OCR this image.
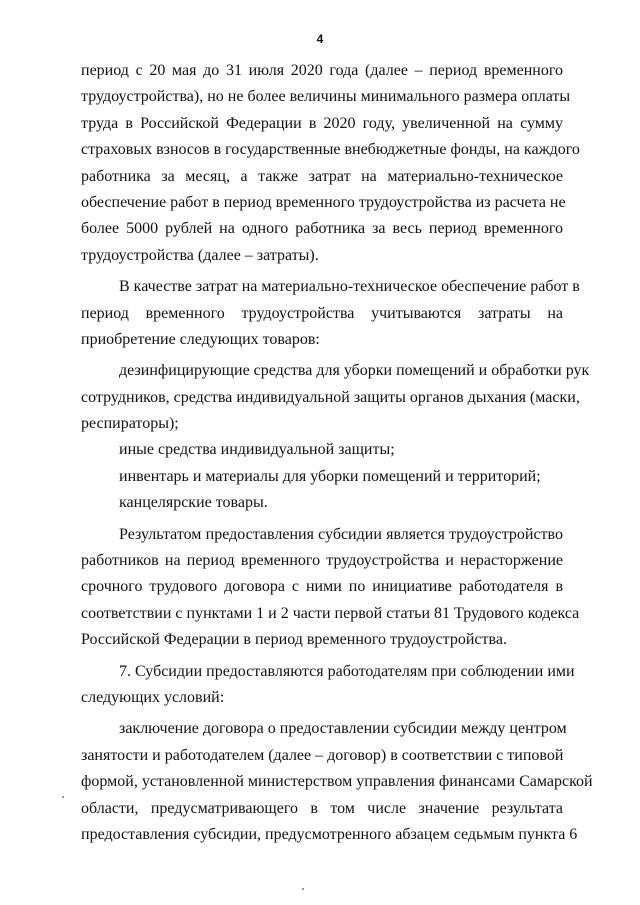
4
период с 20 мая до 31 июля 2020 года (далее – период временного
трудоустройства), но не более величины минимального размера оплаты
труда в Российской Федерации в 2020 году, увеличенной на сумму
страховых взносов в государственные внебюджетные фонды, на каждого
работника за месяц, а также затрат на материально-техническое
обеспечение работ в период временного трудоустройства из расчета не
более 5000 рублей на одного работника за весь период временного
трудоустройства (далее – затраты).
В качестве затрат на материально-техническое обеспечение работ в
период временного трудоустройства учитываются затраты на
приобретение следующих товаров:
дезинфицирующие средства для уборки помещений и обработки рук
сотрудников, средства индивидуальной защиты органов дыхания (маски,
респираторы);
иные средства индивидуальной защиты;
инвентарь и материалы для уборки помещений и территорий;
канцелярские товары.
Результатом предоставления субсидии является трудоустройство
работников на период временного трудоустройства и нерасторжение
срочного трудового договора с ними по инициативе работодателя в
соответствии с пунктами 1 и 2 части первой статьи 81 Трудового кодекса
Российской Федерации в период временного трудоустройства.
7. Субсидии предоставляются работодателям при соблюдении ими
следующих условий:
заключение договора о предоставлении субсидии между центром
занятости и работодателем (далее – договор) в соответствии с типовой
формой, установленной министерством управления финансами Самарской
области, предусматривающего в том числе значение результата
предоставления субсидии, предусмотренного абзацем седьмым пункта 6
